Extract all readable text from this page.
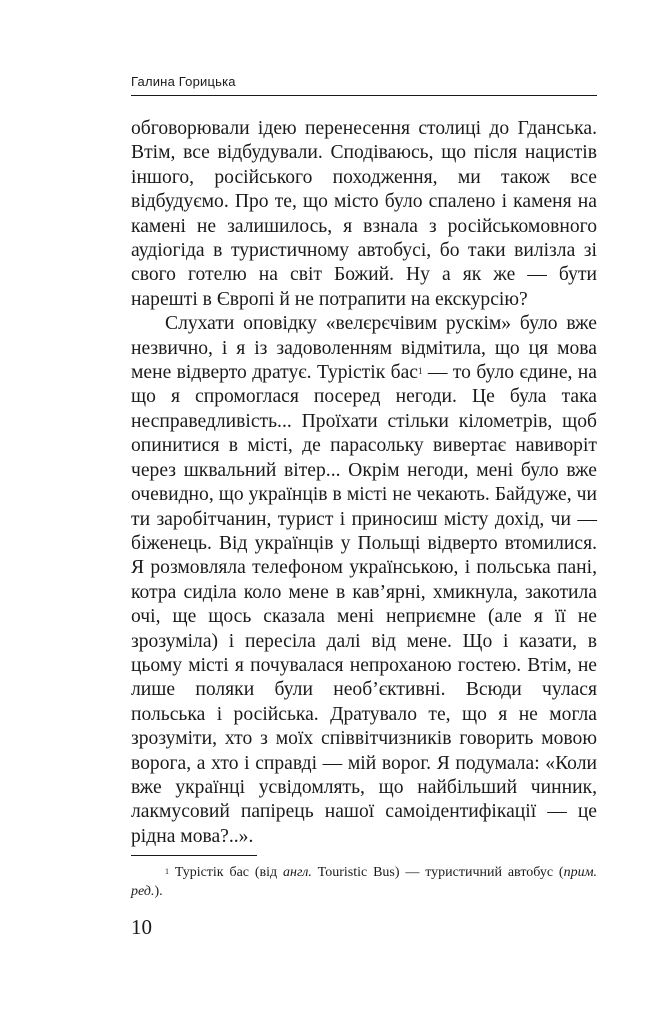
Галина Горицька

обговорювали ідею перенесення столиці до Гданська. Втім, все відбудували. Сподіваюсь, що після нацистів іншого, російського походження, ми також все відбудуємо. Про те, що місто було спалено і каменя на камені не залишилось, я взнала з російськомовного аудіогіда в туристичному автобусі, бо таки вилізла зі свого готелю на світ Божий. Ну а як же — бути нарешті в Європі й не потрапити на екскурсію?

Слухати оповідку «велєрєчівим рускім» було вже незвично, і я із задоволенням відмітила, що ця мова мене відверто дратує. Турістік бас$^1$ — то було єдине, на що я спромоглася посеред негоди. Це була така несправедливість... Проїхати стільки кілометрів, щоб опинитися в місті, де парасольку вивертає навиворіт через шквальний вітер... Окрім негоди, мені було вже очевидно, що українців в місті не чекають. Байдуже, чи ти заробітчанин, турист і приносиш місту дохід, чи — біженець. Від українців у Польщі відверто втомилися. Я розмовляла телефоном українською, і польська пані, котра сиділа коло мене в кав’ярні, хмикнула, закотила очі, ще щось сказала мені неприємне (але я її не зрозуміла) і пересіла далі від мене. Що і казати, в цьому місті я почувалася непроханою гостею. Втім, не лише поляки були необ’єктивні. Всюди чулася польська і російська. Дратувало те, що я не могла зрозуміти, хто з моїх співвітчизників говорить мовою ворога, а хто і справді — мій ворог. Я подумала: «Коли вже українці усвідомлять, що найбільший чинник, лакмусовий папірець нашої самоідентифікації — це рідна мова?..».

$^1$ Турістік бас (від англ. Touristic Bus) — туристичний автобус (прим. ред.).
10
